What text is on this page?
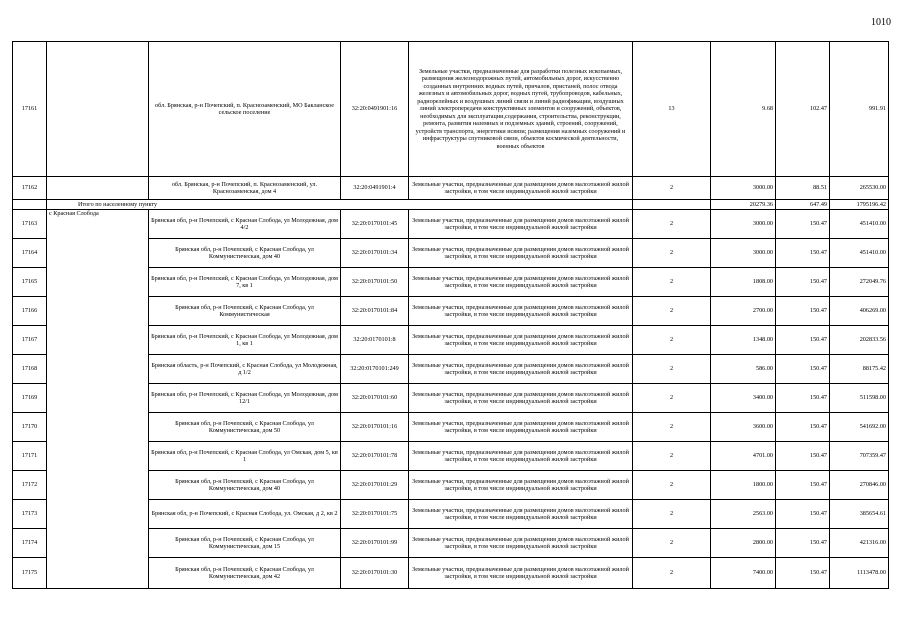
1010
17161		обл. Брянская, р-н Почепский, п. Краснозаменский, МО Бакланское сельское поселение	32:20:0491901:16	Земельные участки, предназначенные для разработки полезных ископаемых, размещения железнодорожных путей, автомобильных дорог, искусственно созданных внутренних водных путей, причалов, пристаней, полос отвода железных и автомобильных дорог, водных путей, трубопроводов, кабельных, радиорелейных и воздушных линий связи и линий радиофикации, воздушных линий электропередачи конструктивных элементов и сооружений, объектов, необходимых для эксплуатации,содержания, строительства, реконструкции, ремонта, развития наземных и подземных зданий, строений, сооружений, устройств транспорта, энергетики исвязи; размещения наземных сооружений и инфраструктуры спутниковой связи, объектов космической деятельности, военных объектов	13	9.68	102.47	991.91
17162		обл. Брянская, р-н Почепский, п. Краснозаменский, ул. Краснозаменская, дом 4	32:20:0491901:4	Земельные участки, предназначенные для размещения домов малоэтажной жилой застройки, в том числе индивидуальной жилой застройки	2	3000.00	88.51	265530.00
	Итого по населенному пункту					20279.36	647.49	1795196.42
17163	с Красная Слобода	Брянская обл, р-н Почепский, с Красная Слобода, ул Молодежная, дом 4/2	32:20:0170101:45	Земельные участки, предназначенные для размещения домов малоэтажной жилой застройки, в том числе индивидуальной жилой застройки	2	3000.00	150.47	451410.00
17164		Брянская обл, р-н Почепский, с Красная Слобода, ул Коммунистическая, дом 40	32:20:0170101:34	Земельные участки, предназначенные для размещения домов малоэтажной жилой застройки, в том числе индивидуальной жилой застройки	2	3000.00	150.47	451410.00
17165		Брянская обл, р-н Почепский, с Красная Слобода, ул Молодежная, дом 7, кв 1	32:20:0170101:50	Земельные участки, предназначенные для размещения домов малоэтажной жилой застройки, в том числе индивидуальной жилой застройки	2	1808.00	150.47	272049.76
17166		Брянская обл, р-н Почепский, с Красная Слобода, ул Коммунистическая	32:20:0170101:84	Земельные участки, предназначенные для размещения домов малоэтажной жилой застройки, в том числе индивидуальной жилой застройки	2	2700.00	150.47	406269.00
17167		Брянская обл, р-н Почепский, с Красная Слобода, ул Молодежная, дом 1, кв 1	32:20:0170101:8	Земельные участки, предназначенные для размещения домов малоэтажной жилой застройки, в том числе индивидуальной жилой застройки	2	1348.00	150.47	202833.56
17168		Брянская область, р-н Почепский, с Красная Слобода, ул Молодежная, д 1/2	32:20:0170101:249	Земельные участки, предназначенные для размещения домов малоэтажной жилой застройки, в том числе индивидуальной жилой застройки	2	586.00	150.47	88175.42
17169		Брянская обл, р-н Почепский, с Красная Слобода, ул Молодежная, дом 12/1	32:20:0170101:60	Земельные участки, предназначенные для размещения домов малоэтажной жилой застройки, в том числе индивидуальной жилой застройки	2	3400.00	150.47	511598.00
17170		Брянская обл, р-н Почепский, с Красная Слобода, ул Коммунистическая, дом 50	32:20:0170101:16	Земельные участки, предназначенные для размещения домов малоэтажной жилой застройки, в том числе индивидуальной жилой застройки	2	3600.00	150.47	541692.00
17171		Брянская обл, р-н Почепский, с Красная Слобода, ул Омская, дом 5, кв 1	32:20:0170101:78	Земельные участки, предназначенные для размещения домов малоэтажной жилой застройки, в том числе индивидуальной жилой застройки	2	4701.00	150.47	707359.47
17172		Брянская обл, р-н Почепский, с Красная Слобода, ул Коммунистическая, дом 40	32:20:0170101:29	Земельные участки, предназначенные для размещения домов малоэтажной жилой застройки, в том числе индивидуальной жилой застройки	2	1800.00	150.47	270846.00
17173		Брянская обл, р-н Почепский, с Красная Слобода, ул. Омская, д 2, кв 2	32:20:0170101:75	Земельные участки, предназначенные для размещения домов малоэтажной жилой застройки, в том числе индивидуальной жилой застройки	2	2563.00	150.47	385654.61
17174		Брянская обл, р-н Почепский, с Красная Слобода, ул Коммунистическая, дом 15	32:20:0170101:99	Земельные участки, предназначенные для размещения домов малоэтажной жилой застройки, в том числе индивидуальной жилой застройки	2	2800.00	150.47	421316.00
17175		Брянская обл, р-н Почепский, с Красная Слобода, ул Коммунистическая, дом 42	32:20:0170101:30	Земельные участки, предназначенные для размещения домов малоэтажной жилой застройки, в том числе индивидуальной жилой застройки	2	7400.00	150.47	1113478.00
